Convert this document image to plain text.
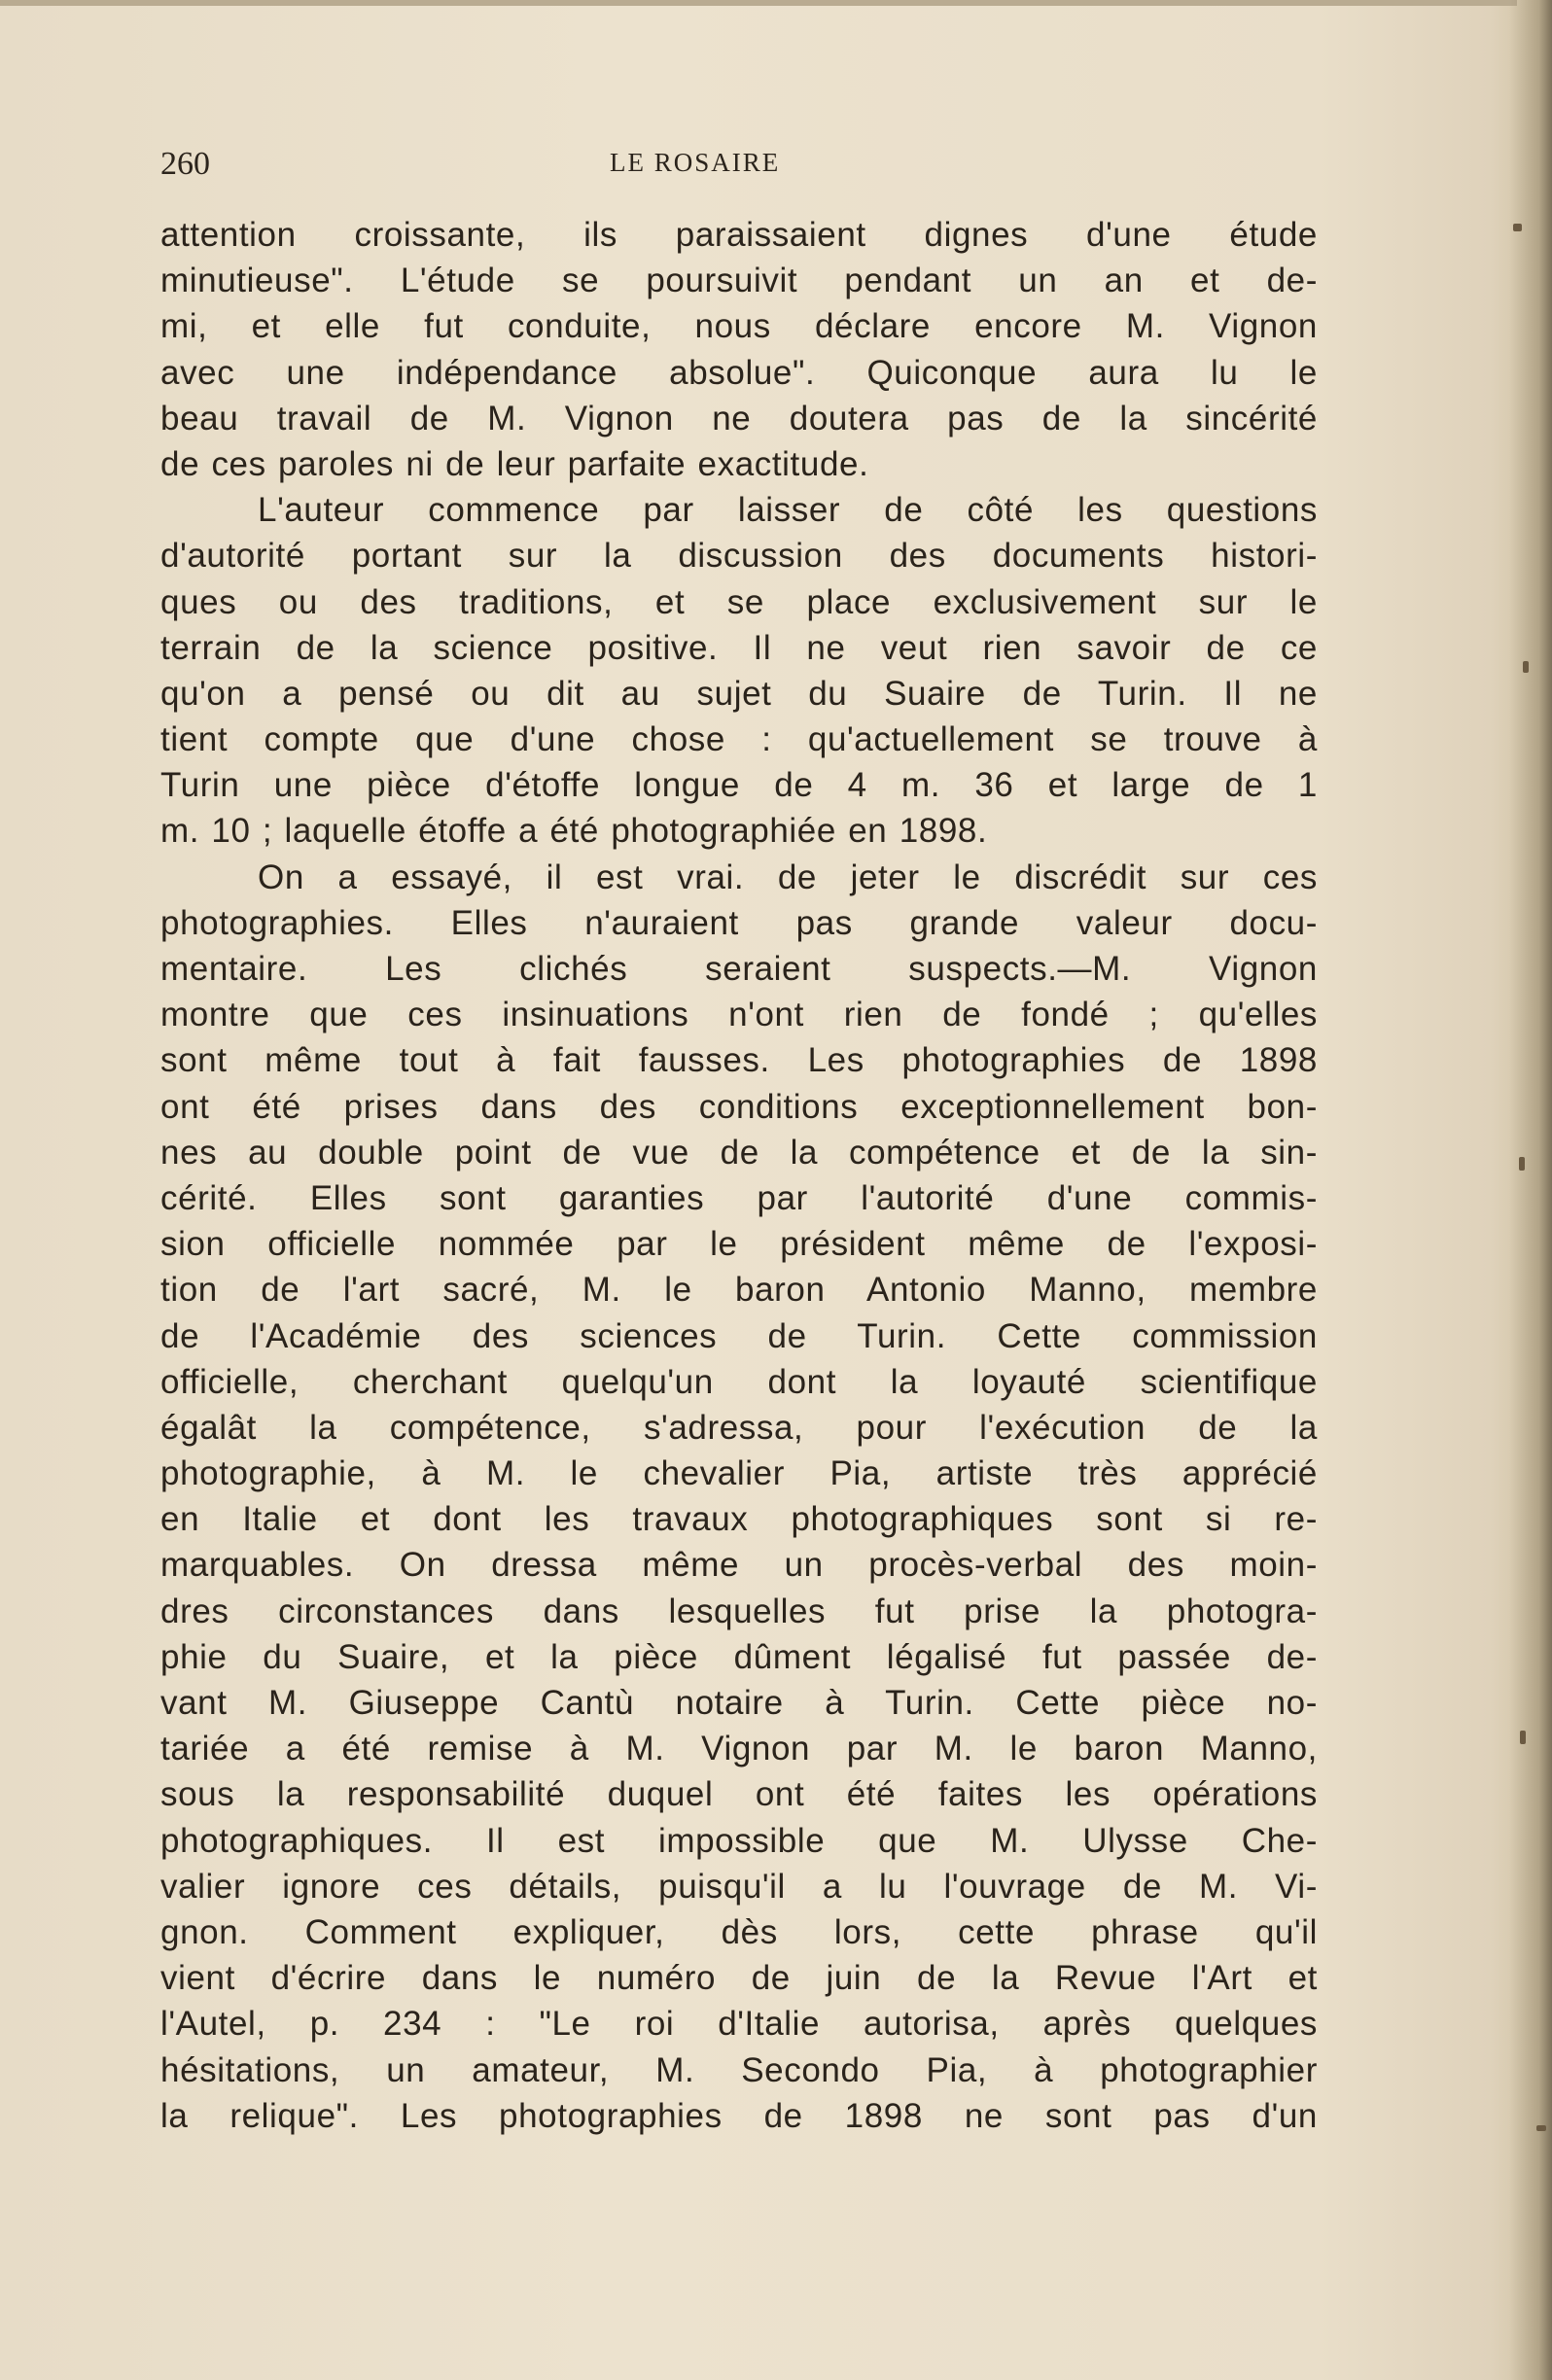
260	LE ROSAIRE
attention croissante, ils paraissaient dignes d'une étude
minutieuse". L'étude se poursuivit pendant un an et de-
mi, et elle fut conduite, nous déclare encore M. Vignon
avec une indépendance absolue". Quiconque aura lu le
beau travail de M. Vignon ne doutera pas de la sincérité
de ces paroles ni de leur parfaite exactitude.
L'auteur commence par laisser de côté les questions
d'autorité portant sur la discussion des documents histori-
ques ou des traditions, et se place exclusivement sur le
terrain de la science positive. Il ne veut rien savoir de ce
qu'on a pensé ou dit au sujet du Suaire de Turin. Il ne
tient compte que d'une chose : qu'actuellement se trouve à
Turin une pièce d'étoffe longue de 4 m. 36 et large de 1
m. 10 ; laquelle étoffe a été photographiée en 1898.
On a essayé, il est vrai. de jeter le discrédit sur ces
photographies. Elles n'auraient pas grande valeur docu-
mentaire. Les clichés seraient suspects.—M. Vignon
montre que ces insinuations n'ont rien de fondé ; qu'elles
sont même tout à fait fausses. Les photographies de 1898
ont été prises dans des conditions exceptionnellement bon-
nes au double point de vue de la compétence et de la sin-
cérité. Elles sont garanties par l'autorité d'une commis-
sion officielle nommée par le président même de l'exposi-
tion de l'art sacré, M. le baron Antonio Manno, membre
de l'Académie des sciences de Turin. Cette commission
officielle, cherchant quelqu'un dont la loyauté scientifique
égalât la compétence, s'adressa, pour l'exécution de la
photographie, à M. le chevalier Pia, artiste très apprécié
en Italie et dont les travaux photographiques sont si re-
marquables. On dressa même un procès-verbal des moin-
dres circonstances dans lesquelles fut prise la photogra-
phie du Suaire, et la pièce dûment légalisé fut passée de-
vant M. Giuseppe Cantù notaire à Turin. Cette pièce no-
tariée a été remise à M. Vignon par M. le baron Manno,
sous la responsabilité duquel ont été faites les opérations
photographiques. Il est impossible que M. Ulysse Che-
valier ignore ces détails, puisqu'il a lu l'ouvrage de M. Vi-
gnon. Comment expliquer, dès lors, cette phrase qu'il
vient d'écrire dans le numéro de juin de la Revue l'Art et
l'Autel, p. 234 : "Le roi d'Italie autorisa, après quelques
hésitations, un amateur, M. Secondo Pia, à photographier
la relique". Les photographies de 1898 ne sont pas d'un
